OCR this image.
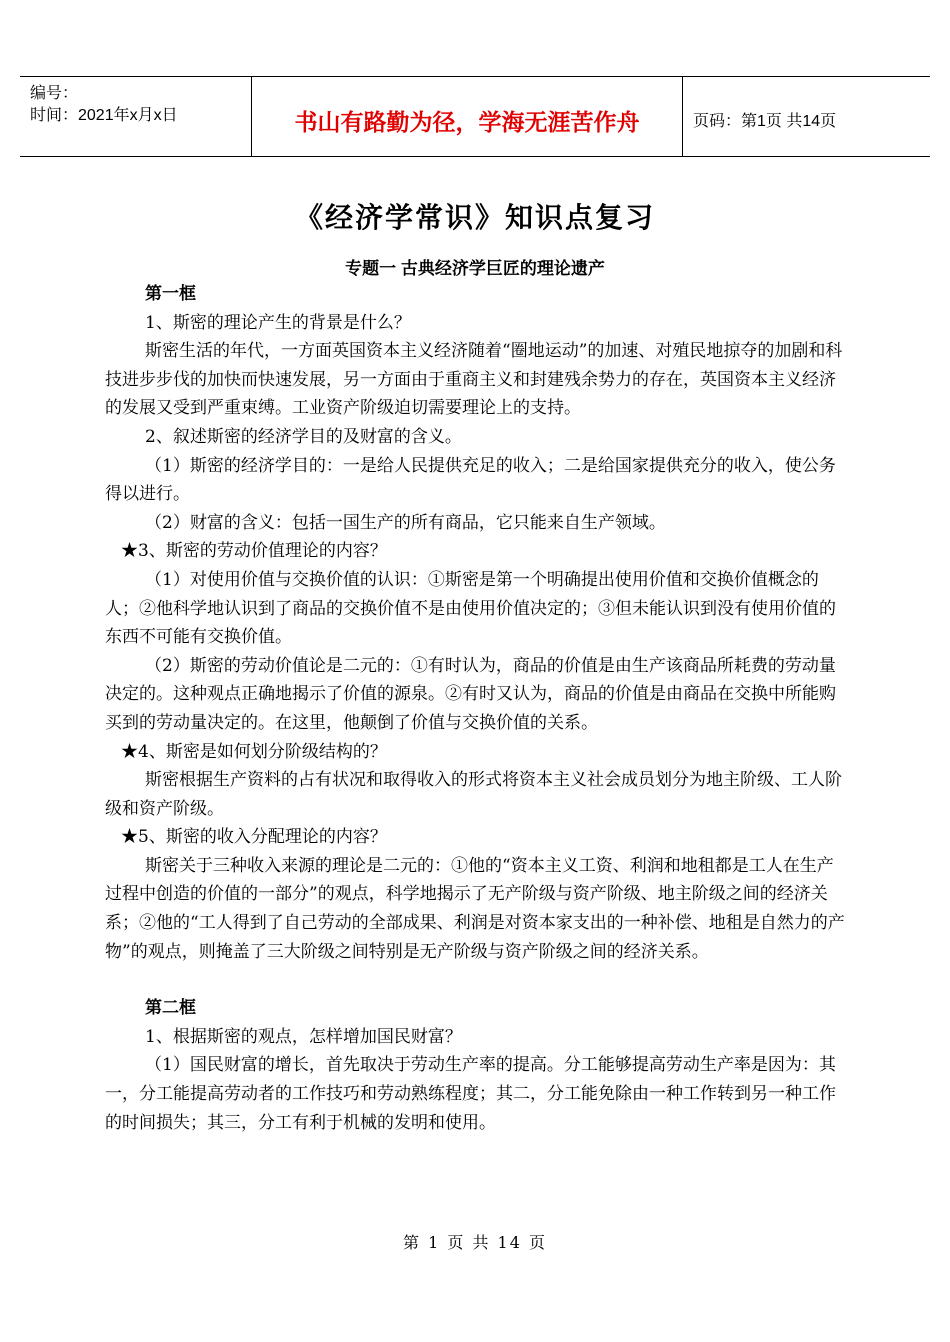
编号：
时间：2021年x月x日	书山有路勤为径，学海无涯苦作舟	页码：第1页 共14页
《经济学常识》知识点复习
专题一 古典经济学巨匠的理论遗产

第一框

1、斯密的理论产生的背景是什么？

斯密生活的年代，一方面英国资本主义经济随着“圈地运动”的加速、对殖民地掠夺的加剧和科技进步步伐的加快而快速发展，另一方面由于重商主义和封建残余势力的存在，英国资本主义经济的发展又受到严重束缚。工业资产阶级迫切需要理论上的支持。

2、叙述斯密的经济学目的及财富的含义。

（1）斯密的经济学目的：一是给人民提供充足的收入；二是给国家提供充分的收入，使公务得以进行。

（2）财富的含义：包括一国生产的所有商品，它只能来自生产领域。

★3、斯密的劳动价值理论的内容？

（1）对使用价值与交换价值的认识：①斯密是第一个明确提出使用价值和交换价值概念的人；②他科学地认识到了商品的交换价值不是由使用价值决定的；③但未能认识到没有使用价值的东西不可能有交换价值。

（2）斯密的劳动价值论是二元的：①有时认为，商品的价值是由生产该商品所耗费的劳动量决定的。这种观点正确地揭示了价值的源泉。②有时又认为，商品的价值是由商品在交换中所能购买到的劳动量决定的。在这里，他颠倒了价值与交换价值的关系。

★4、斯密是如何划分阶级结构的？

斯密根据生产资料的占有状况和取得收入的形式将资本主义社会成员划分为地主阶级、工人阶级和资产阶级。

★5、斯密的收入分配理论的内容？

斯密关于三种收入来源的理论是二元的：①他的“资本主义工资、利润和地租都是工人在生产过程中创造的价值的一部分”的观点，科学地揭示了无产阶级与资产阶级、地主阶级之间的经济关系；②他的“工人得到了自己劳动的全部成果、利润是对资本家支出的一种补偿、地租是自然力的产物”的观点，则掩盖了三大阶级之间特别是无产阶级与资产阶级之间的经济关系。

第二框

1、根据斯密的观点，怎样增加国民财富？

（1）国民财富的增长，首先取决于劳动生产率的提高。分工能够提高劳动生产率是因为：其一，分工能提高劳动者的工作技巧和劳动熟练程度；其二，分工能免除由一种工作转到另一种工作的时间损失；其三，分工有利于机械的发明和使用。

第 1 页 共 14 页
